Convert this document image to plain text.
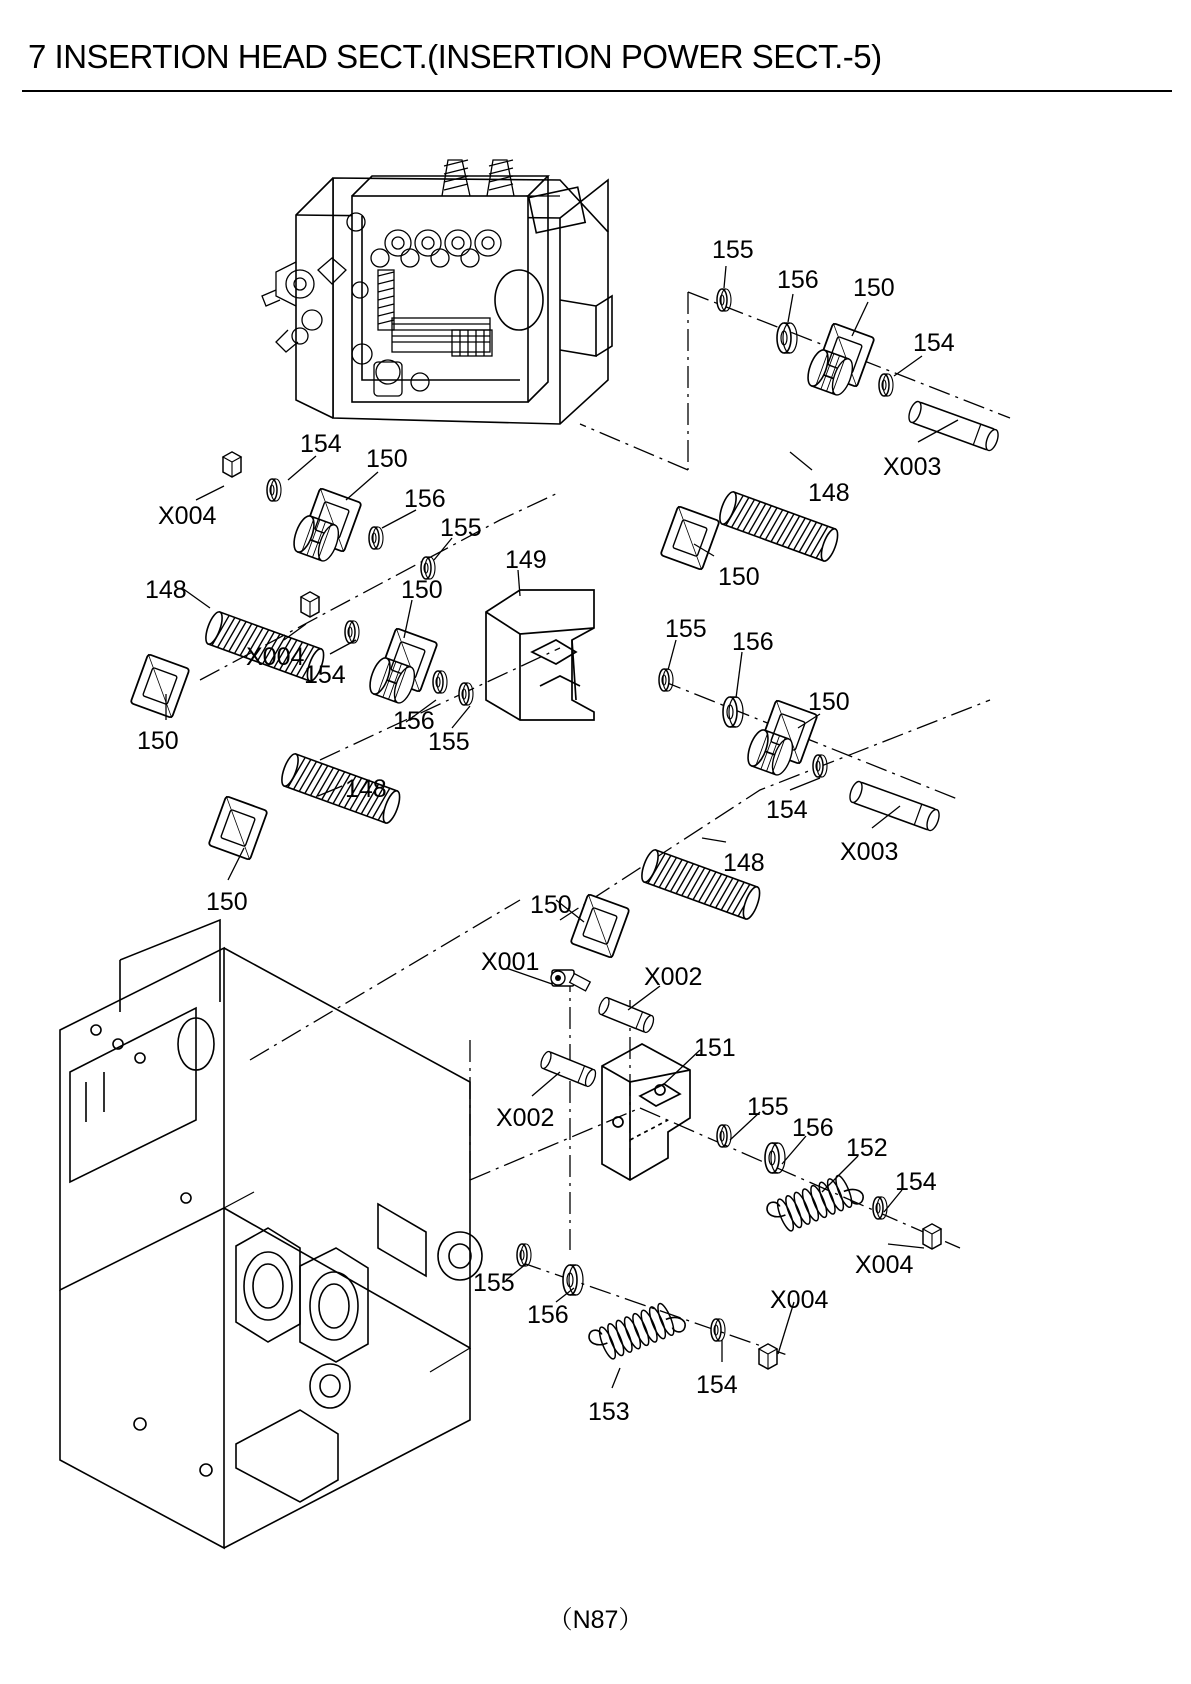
7 INSERTION HEAD SECT.(INSERTION POWER SECT.-5)
155
156 150
154
X003
148
150
154
150
X004
156
155
149
148	150
X004
154
150
156
155
148
150
155 156
150
154
X003
148
150
X001
X002
151
X002	155
156
152
154
X004
155
156
X004
154
153
（N87）
